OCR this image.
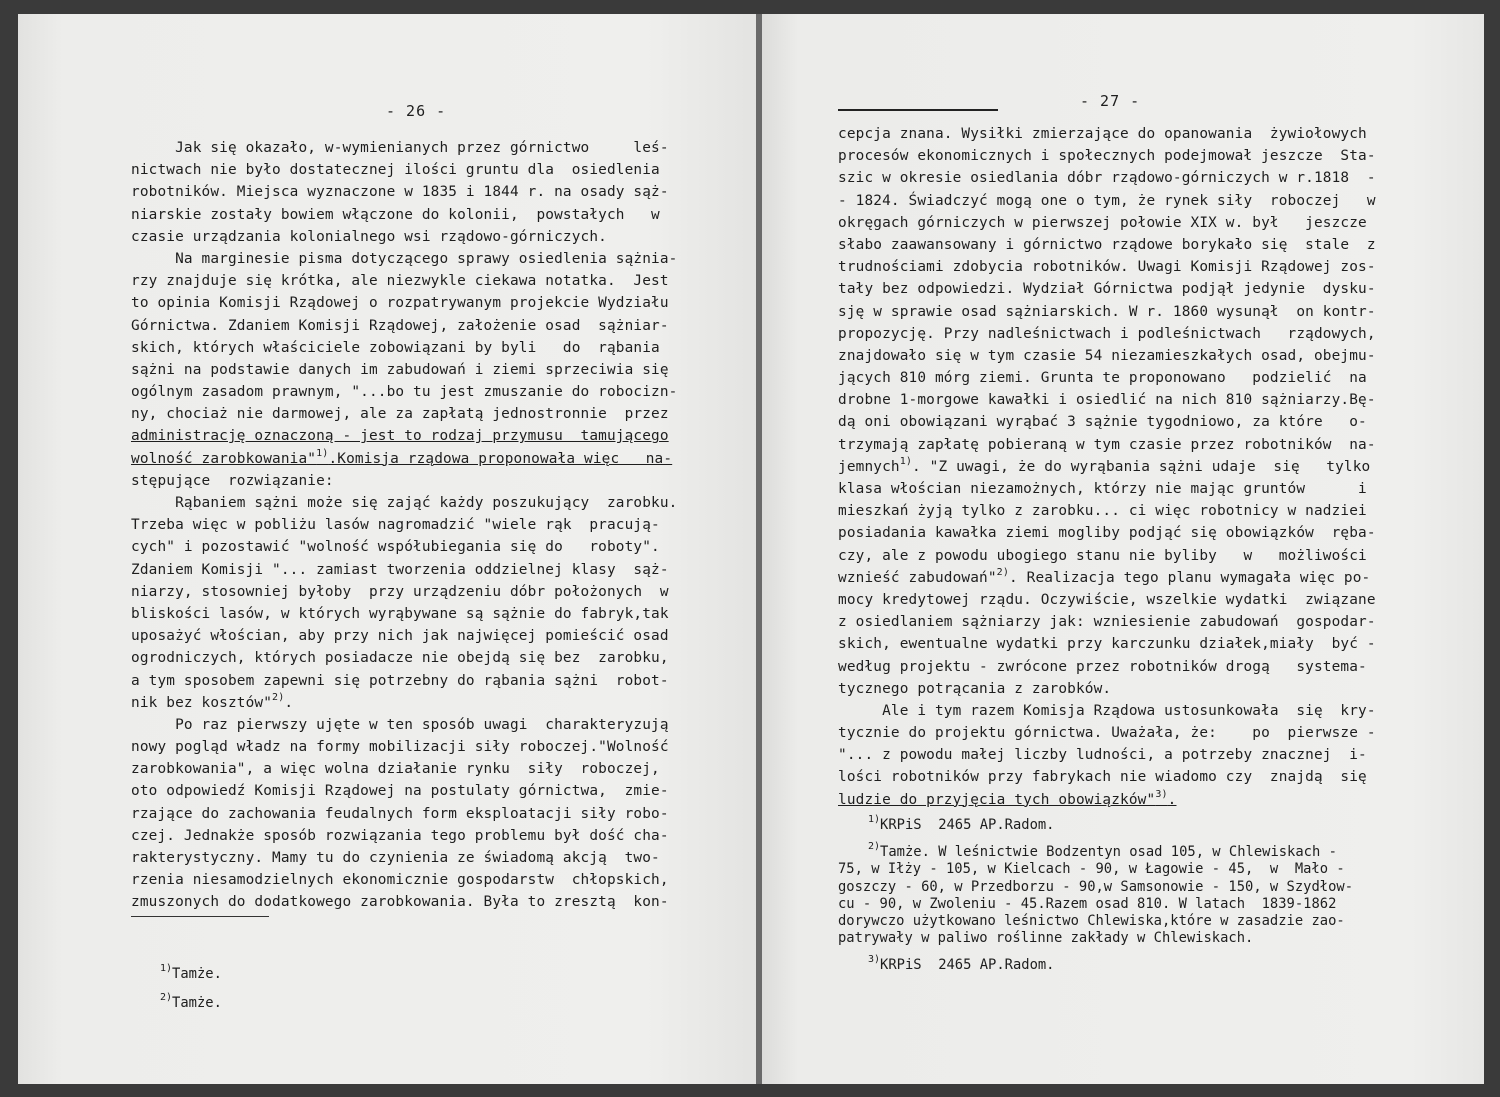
- 26 -
Jak się okazało, w-wymienianych przez górnictwo     leś-
nictwach nie było dostatecznej ilości gruntu dla  osiedlenia
robotników. Miejsca wyznaczone w 1835 i 1844 r. na osady sąż-
niarskie zostały bowiem włączone do kolonii,  powstałych   w
czasie urządzania kolonialnego wsi rządowo-górniczych.
Na marginesie pisma dotyczącego sprawy osiedlenia sążnia-
rzy znajduje się krótka, ale niezwykle ciekawa notatka.  Jest
to opinia Komisji Rządowej o rozpatrywanym projekcie Wydziału
Górnictwa. Zdaniem Komisji Rządowej, założenie osad  sążniar-
skich, których właściciele zobowiązani by byli   do  rąbania
sążni na podstawie danych im zabudowań i ziemi sprzeciwia się
ogólnym zasadom prawnym, "...bo tu jest zmuszanie do robocizn-
ny, chociaż nie darmowej, ale za zapłatą jednostronnie  przez
administrację oznaczoną - jest to rodzaj przymusu  tamującego
wolność zarobkowania"$^{1)}$.Komisja rządowa proponowała więc   na-
stępujące  rozwiązanie:
Rąbaniem sążni może się zająć każdy poszukujący  zarobku.
Trzeba więc w pobliżu lasów nagromadzić "wiele rąk  pracują-
cych" i pozostawić "wolność współubiegania się do   roboty".
Zdaniem Komisji "... zamiast tworzenia oddzielnej klasy  sąż-
niarzy, stosowniej byłoby  przy urządzeniu dóbr położonych  w
bliskości lasów, w których wyrąbywane są sążnie do fabryk,tak
uposażyć włościan, aby przy nich jak najwięcej pomieścić osad
ogrodniczych, których posiadacze nie obejdą się bez  zarobku,
a tym sposobem zapewni się potrzebny do rąbania sążni  robot-
nik bez kosztów"$^{2)}$.
Po raz pierwszy ujęte w ten sposób uwagi  charakteryzują
nowy pogląd władz na formy mobilizacji siły roboczej."Wolność
zarobkowania", a więc wolna działanie rynku  siły  roboczej,
oto odpowiedź Komisji Rządowej na postulaty górnictwa,  zmie-
rzające do zachowania feudalnych form eksploatacji siły robo-
czej. Jednakże sposób rozwiązania tego problemu był dość cha-
rakterystyczny. Mamy tu do czynienia ze świadomą akcją  two-
rzenia niesamodzielnych ekonomicznie gospodarstw  chłopskich,
zmuszonych do dodatkowego zarobkowania. Była to zresztą  kon-

$^{1)}$Tamże.

$^{2)}$Tamże.

- 27 -
cepcja znana. Wysiłki zmierzające do opanowania  żywiołowych
procesów ekonomicznych i społecznych podejmował jeszcze  Sta-
szic w okresie osiedlania dóbr rządowo-górniczych w r.1818  -
- 1824. Świadczyć mogą one o tym, że rynek siły  roboczej   w
okręgach górniczych w pierwszej połowie XIX w. był   jeszcze
słabo zaawansowany i górnictwo rządowe borykało się  stale  z
trudnościami zdobycia robotników. Uwagi Komisji Rządowej zos-
tały bez odpowiedzi. Wydział Górnictwa podjął jedynie  dysku-
sję w sprawie osad sążniarskich. W r. 1860 wysunął  on kontr-
propozycję. Przy nadleśnictwach i podleśnictwach   rządowych,
znajdowało się w tym czasie 54 niezamieszkałych osad, obejmu-
jących 810 mórg ziemi. Grunta te proponowano   podzielić  na
drobne 1-morgowe kawałki i osiedlić na nich 810 sążniarzy.Bę-
dą oni obowiązani wyrąbać 3 sążnie tygodniowo, za które   o-
trzymają zapłatę pobieraną w tym czasie przez robotników  na-
jemnych$^{1)}$. "Z uwagi, że do wyrąbania sążni udaje  się   tylko
klasa włościan niezamożnych, którzy nie mając gruntów      i
mieszkań żyją tylko z zarobku... ci więc robotnicy w nadziei
posiadania kawałka ziemi mogliby podjąć się obowiązków  ręba-
czy, ale z powodu ubogiego stanu nie byliby   w   możliwości
wznieść zabudowań"$^{2)}$. Realizacja tego planu wymagała więc po-
mocy kredytowej rządu. Oczywiście, wszelkie wydatki  związane
z osiedlaniem sążniarzy jak: wzniesienie zabudowań  gospodar-
skich, ewentualne wydatki przy karczunku działek,miały  być -
według projektu - zwrócone przez robotników drogą   systema-
tycznego potrącania z zarobków.
Ale i tym razem Komisja Rządowa ustosunkowała  się  kry-
tycznie do projektu górnictwa. Uważała, że:    po  pierwsze -
"... z powodu małej liczby ludności, a potrzeby znacznej  i-
lości robotników przy fabrykach nie wiadomo czy  znajdą  się
ludzie do przyjęcia tych obowiązków"$^{3)}$.
$^{1)}$KRPiS  2465 AP.Radom.
$^{2)}$Tamże. W leśnictwie Bodzentyn osad 105, w Chlewiskach -
75, w Iłży - 105, w Kielcach - 90, w Łagowie - 45,  w  Mało -
goszczy - 60, w Przedborzu - 90,w Samsonowie - 150, w Szydłow-
cu - 90, w Zwoleniu - 45.Razem osad 810. W latach  1839-1862
dorywczo użytkowano leśnictwo Chlewiska,które w zasadzie zao-
patrywały w paliwo roślinne zakłady w Chlewiskach.
$^{3)}$KRPiS  2465 AP.Radom.
